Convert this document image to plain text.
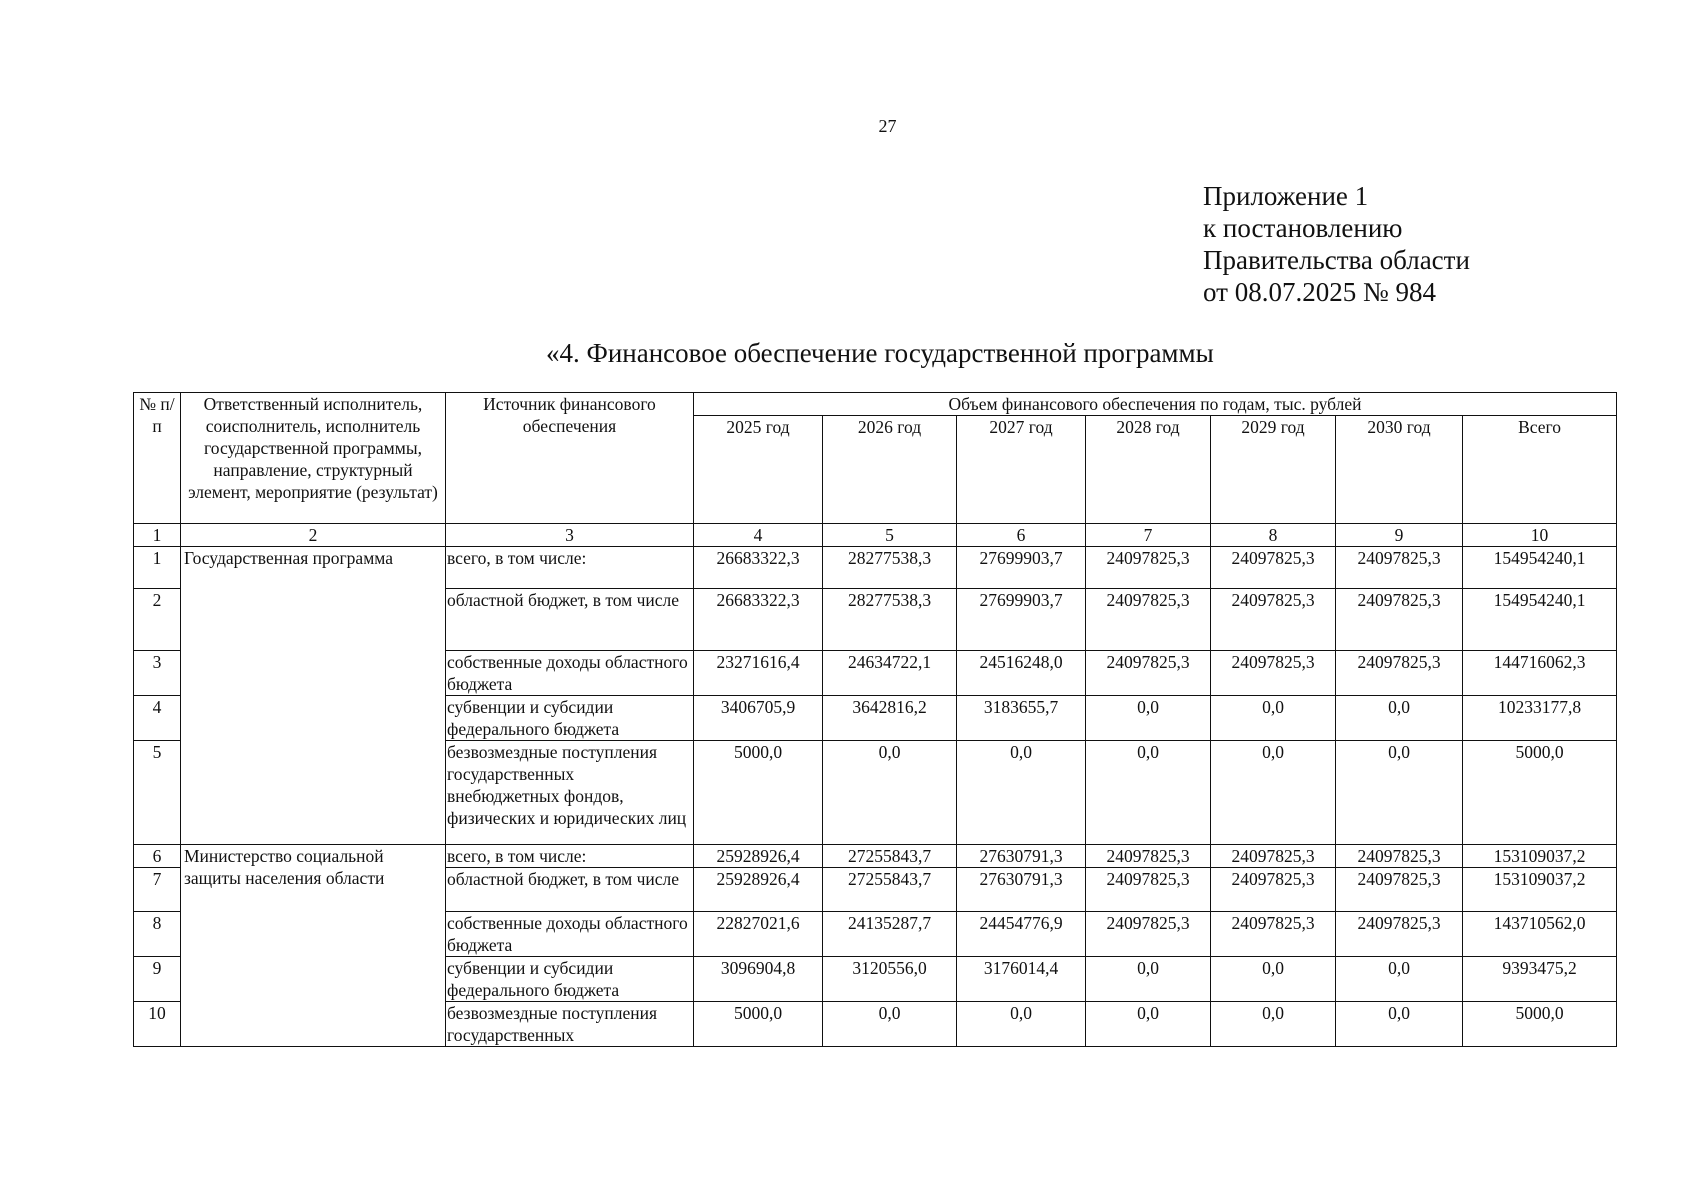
27
Приложение 1
к постановлению
Правительства области
от 08.07.2025 № 984
«4. Финансовое обеспечение государственной программы
№ п/п	Ответственный исполнитель, соисполнитель, исполнитель государственной программы, направление, структурный элемент, мероприятие (результат)	Источник финансового обеспечения	Объем финансового обеспечения по годам, тыс. рублей						
			2025 год	2026 год	2027 год	2028 год	2029 год	2030 год	Всего
1	2	3	4	5	6	7	8	9	10
1	Государственная программа	всего, в том числе:	26683322,3	28277538,3	27699903,7	24097825,3	24097825,3	24097825,3	154954240,1
2		областной бюджет, в том числе	26683322,3	28277538,3	27699903,7	24097825,3	24097825,3	24097825,3	154954240,1
3		собственные доходы областного бюджета	23271616,4	24634722,1	24516248,0	24097825,3	24097825,3	24097825,3	144716062,3
4		субвенции и субсидии федерального бюджета	3406705,9	3642816,2	3183655,7	0,0	0,0	0,0	10233177,8
5		безвозмездные поступления государственных внебюджетных фондов, физических и юридических лиц	5000,0	0,0	0,0	0,0	0,0	0,0	5000,0
6	Министерство социальной защиты населения области	всего, в том числе:	25928926,4	27255843,7	27630791,3	24097825,3	24097825,3	24097825,3	153109037,2
7		областной бюджет, в том числе	25928926,4	27255843,7	27630791,3	24097825,3	24097825,3	24097825,3	153109037,2
8		собственные доходы областного бюджета	22827021,6	24135287,7	24454776,9	24097825,3	24097825,3	24097825,3	143710562,0
9		субвенции и субсидии федерального бюджета	3096904,8	3120556,0	3176014,4	0,0	0,0	0,0	9393475,2
10		безвозмездные поступления государственных	5000,0	0,0	0,0	0,0	0,0	0,0	5000,0
